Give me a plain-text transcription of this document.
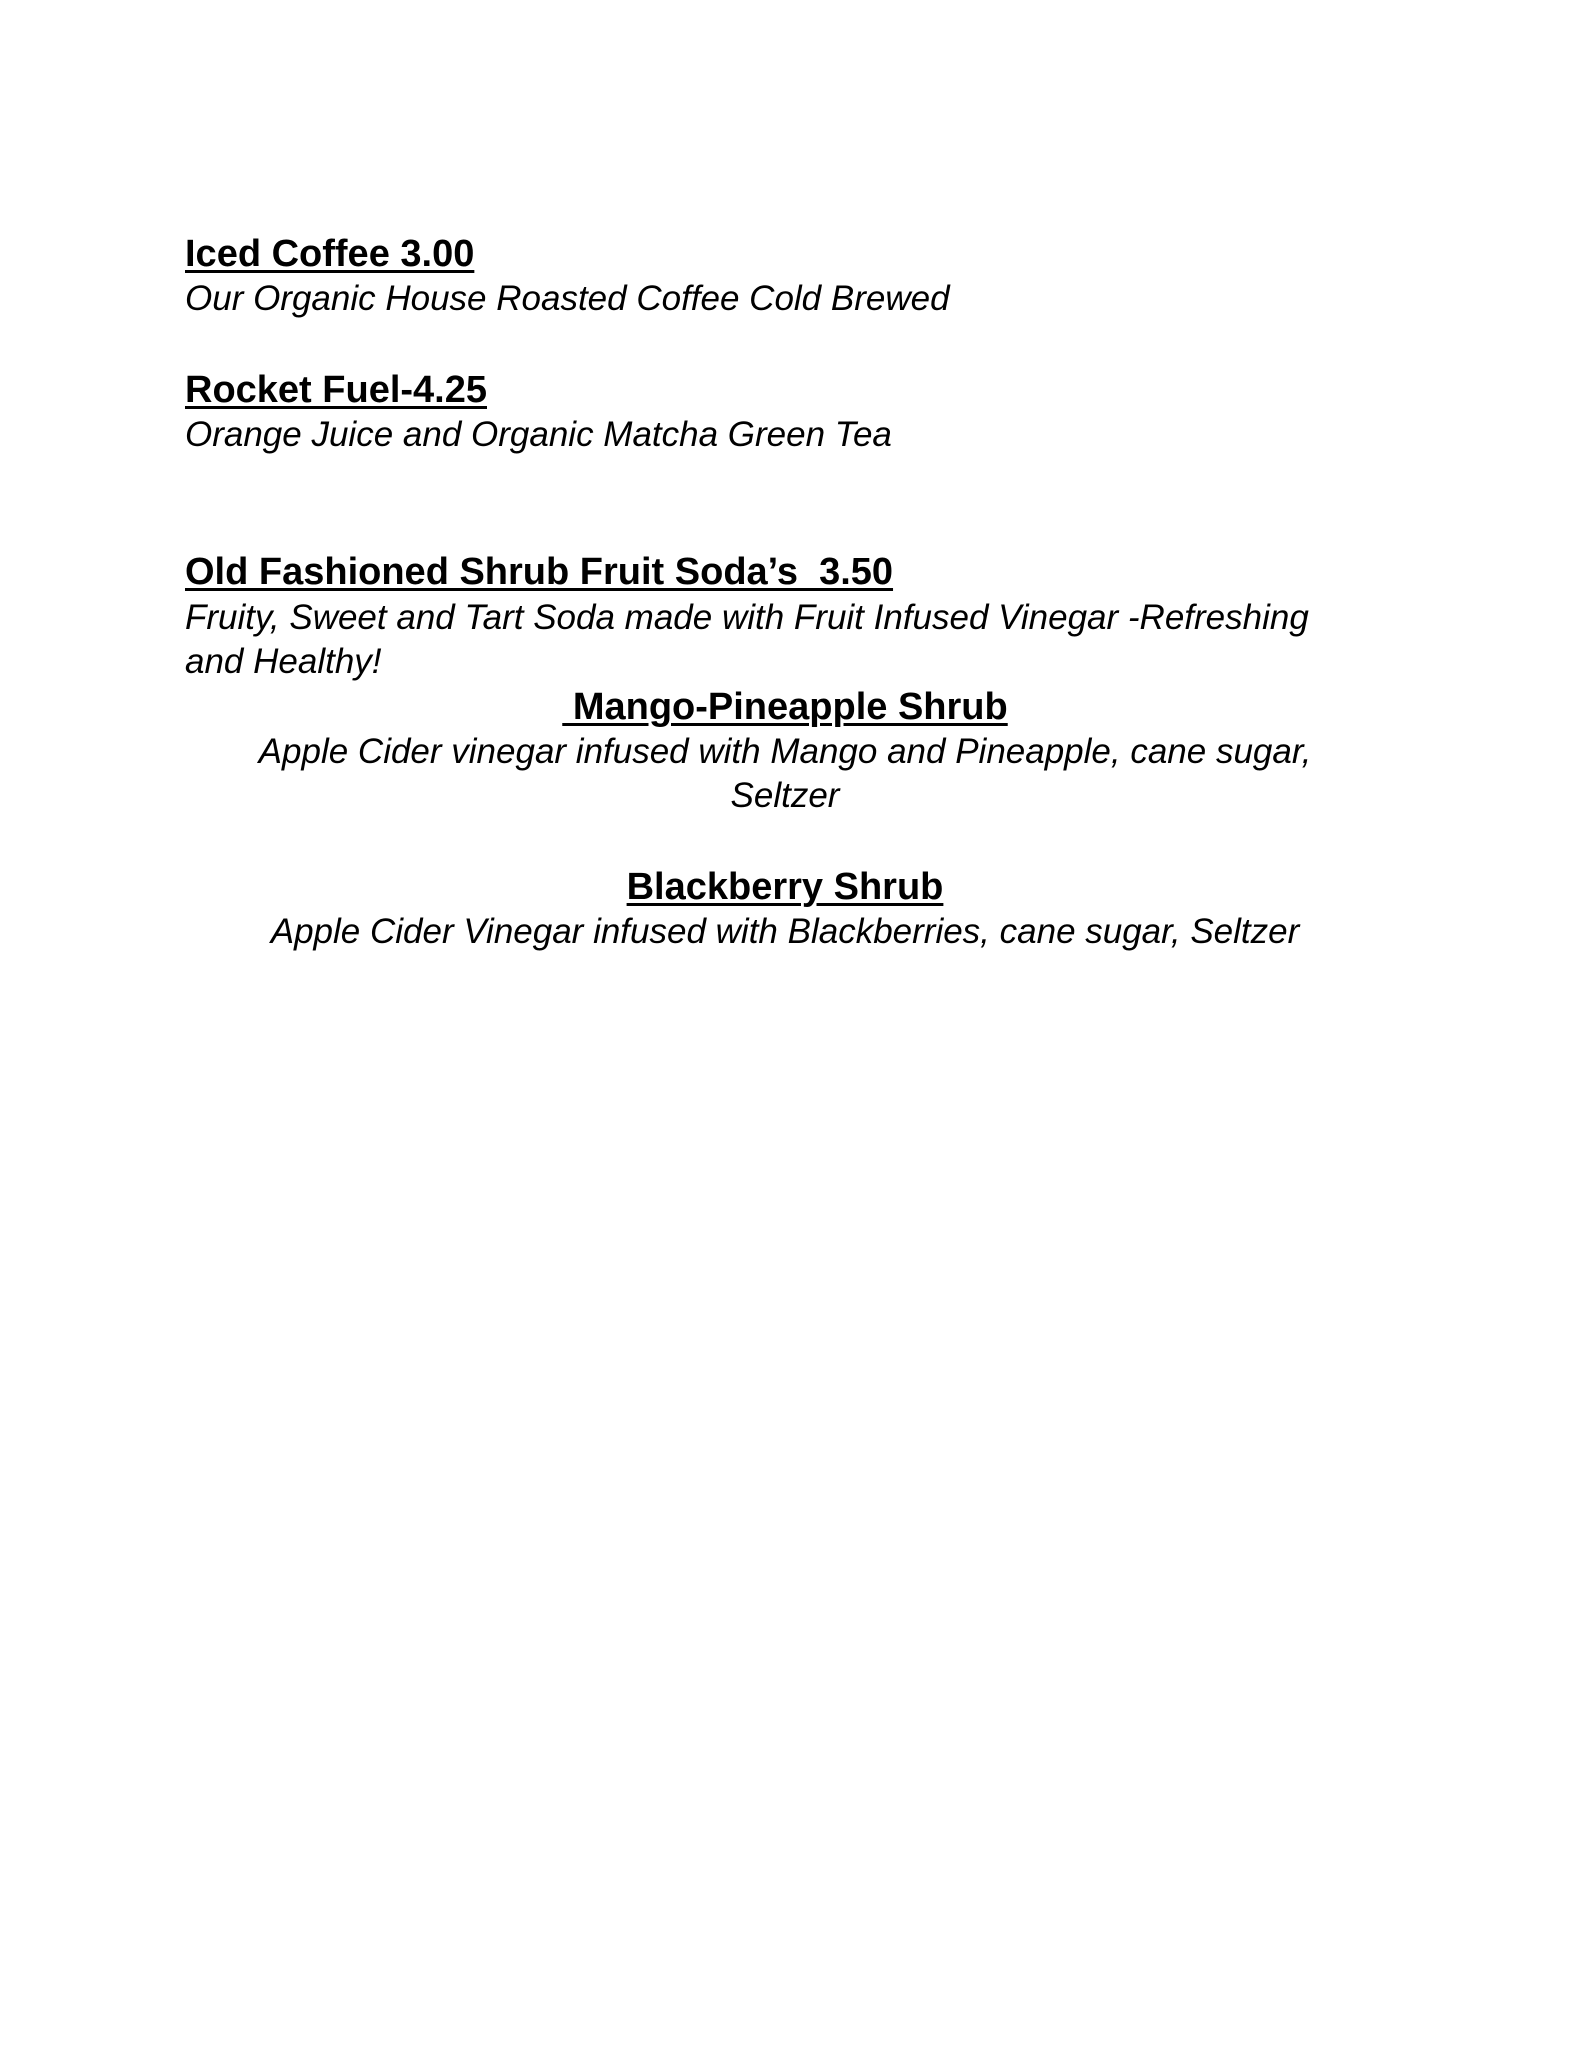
Iced Coffee 3.00

Our Organic House Roasted Coffee Cold Brewed

Rocket Fuel-4.25

Orange Juice and Organic Matcha Green Tea

Old Fashioned Shrub Fruit Soda’s  3.50

Fruity, Sweet and Tart Soda made with Fruit Infused Vinegar -Refreshing and Healthy!

Mango-Pineapple Shrub

Apple Cider vinegar infused with Mango and Pineapple, cane sugar,

Seltzer

Blackberry Shrub

Apple Cider Vinegar infused with Blackberries, cane sugar, Seltzer
